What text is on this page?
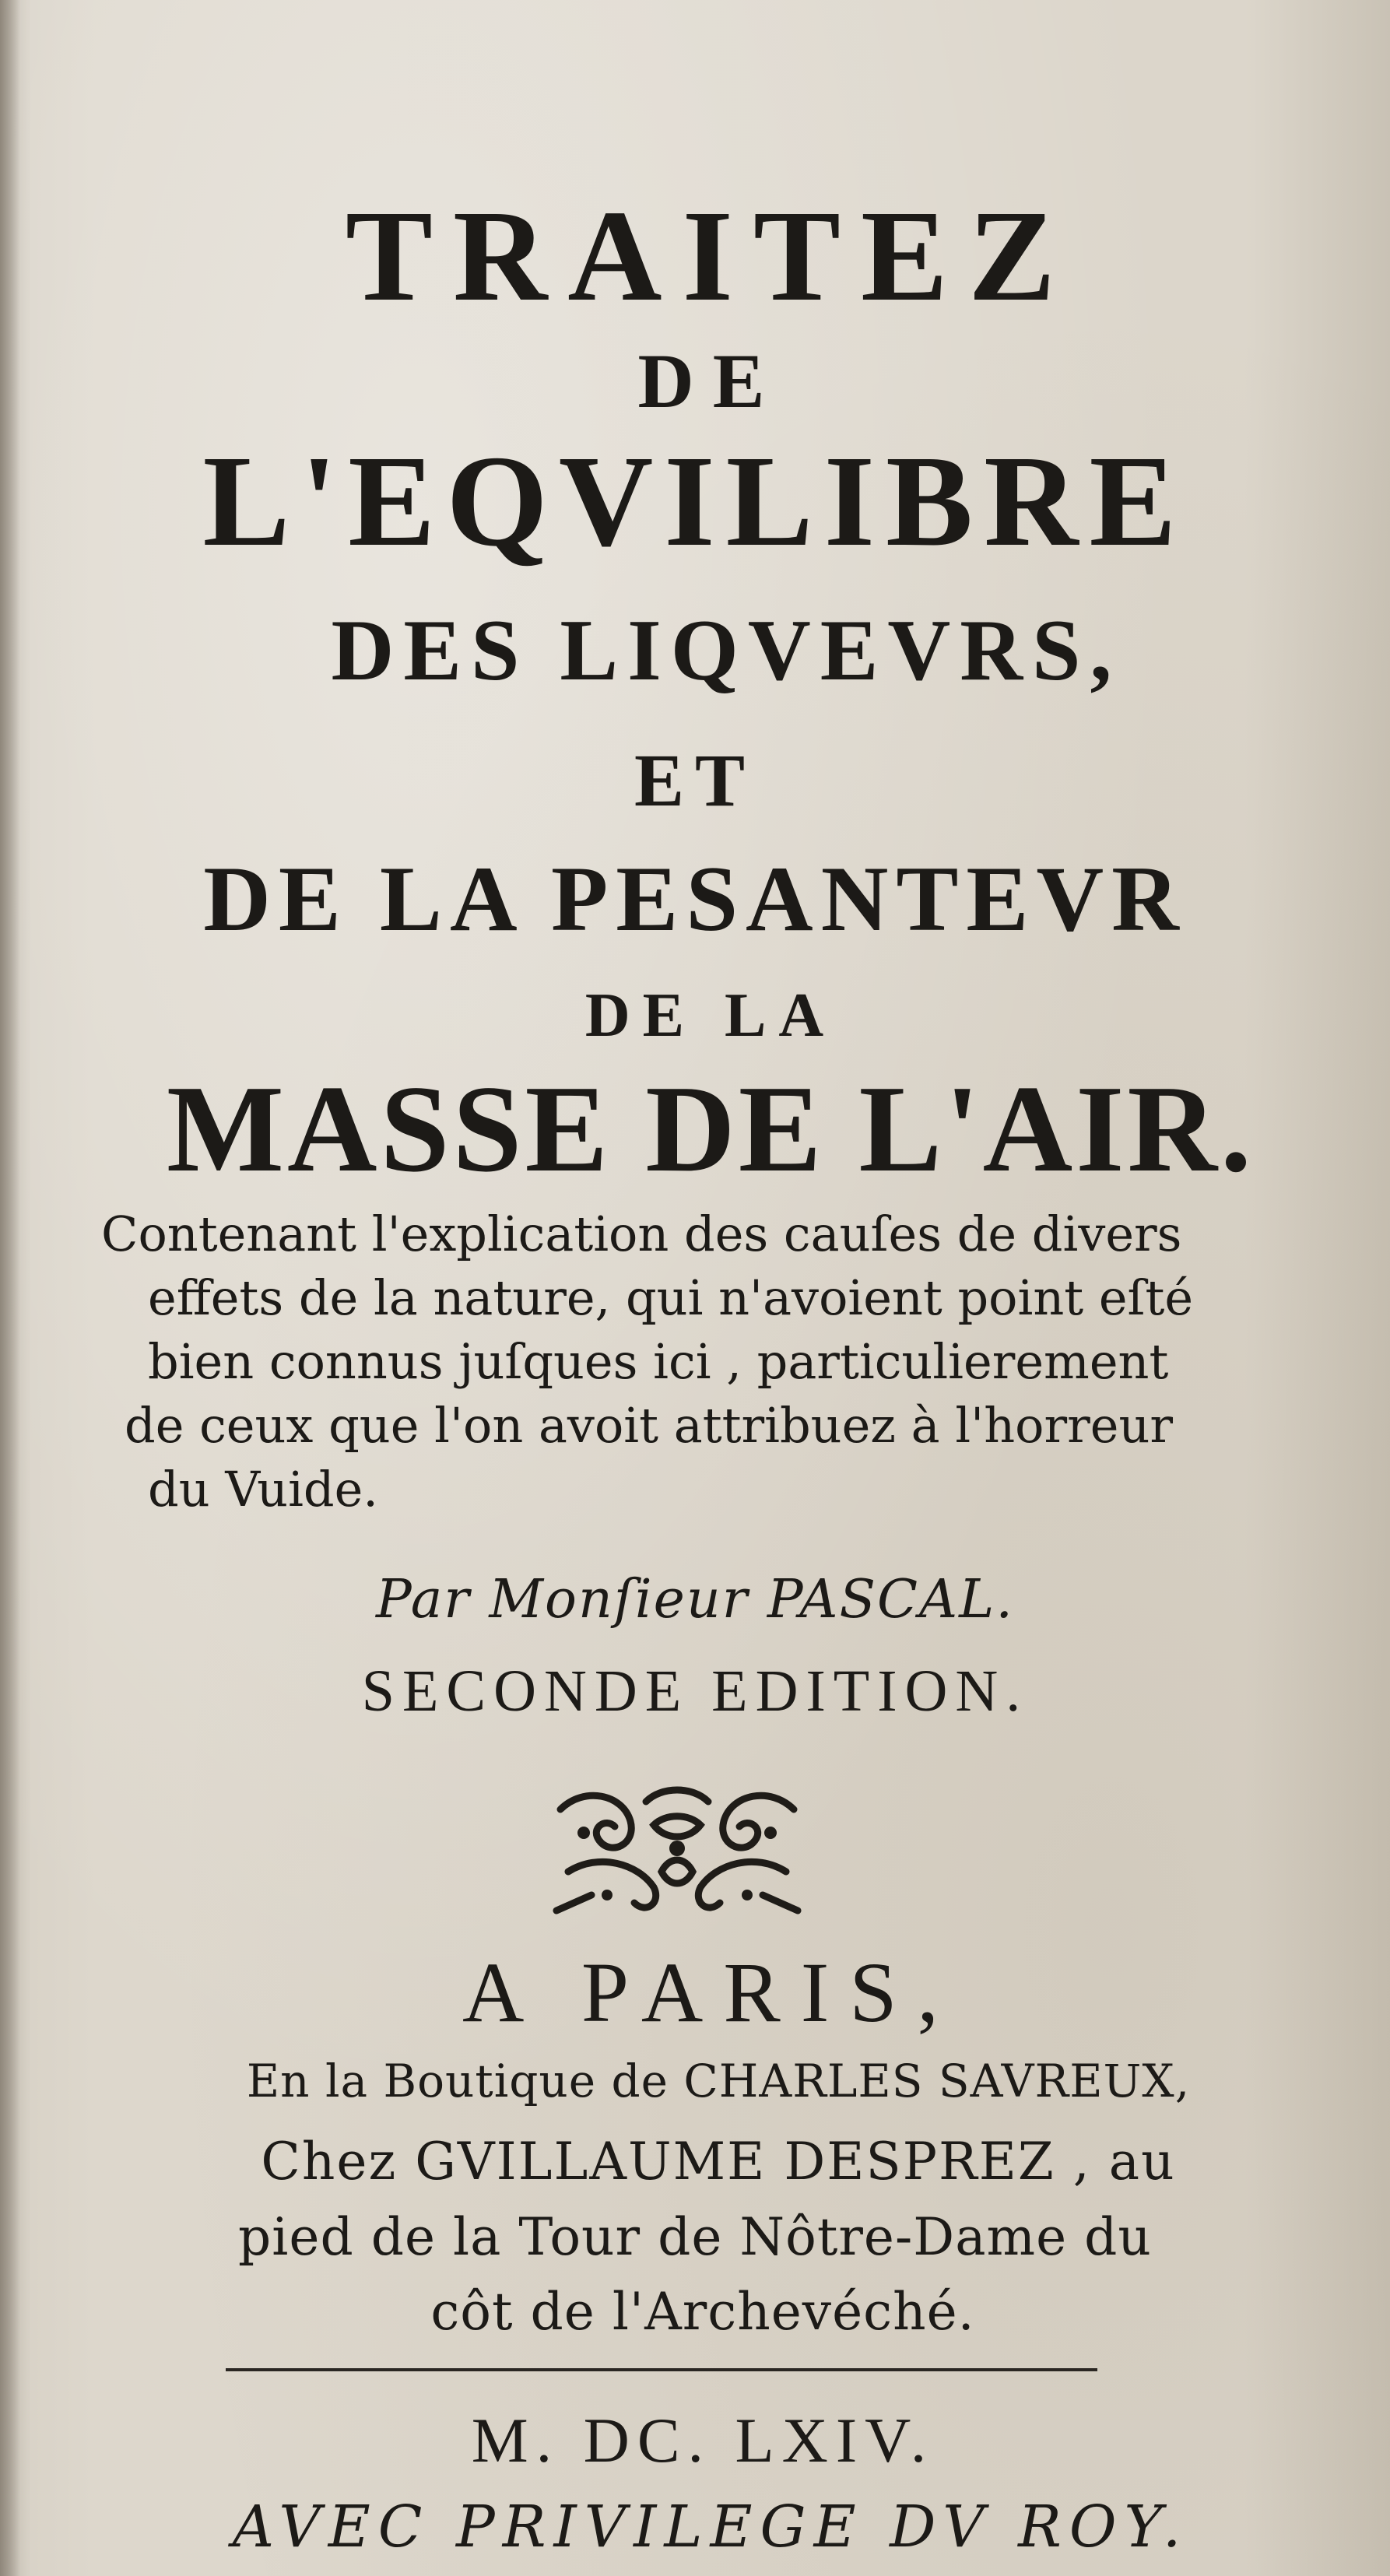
TRAITEZ
DE
L'EQVILIBRE
DES LIQVEVRS,
ET
DE LA PESANTEVR
DE LA
MASSE DE L'AIR.
Contenant l'explication des cauſes de divers
effets de la nature, qui n'avoient point eſté
bien connus juſques ici , particulierement
de ceux que l'on avoit attribuez à l'horreur
du Vuide.
Par Monſieur PASCAL.
SECONDE EDITION.
A PARIS,
En la Boutique de CHARLES SAVREUX,
Chez GVILLAUME DESPREZ , au
pied de la Tour de Nôtre-Dame du
côt de l'Archevéché.
M. DC. LXIV.
AVEC PRIVILEGE DV ROY.
